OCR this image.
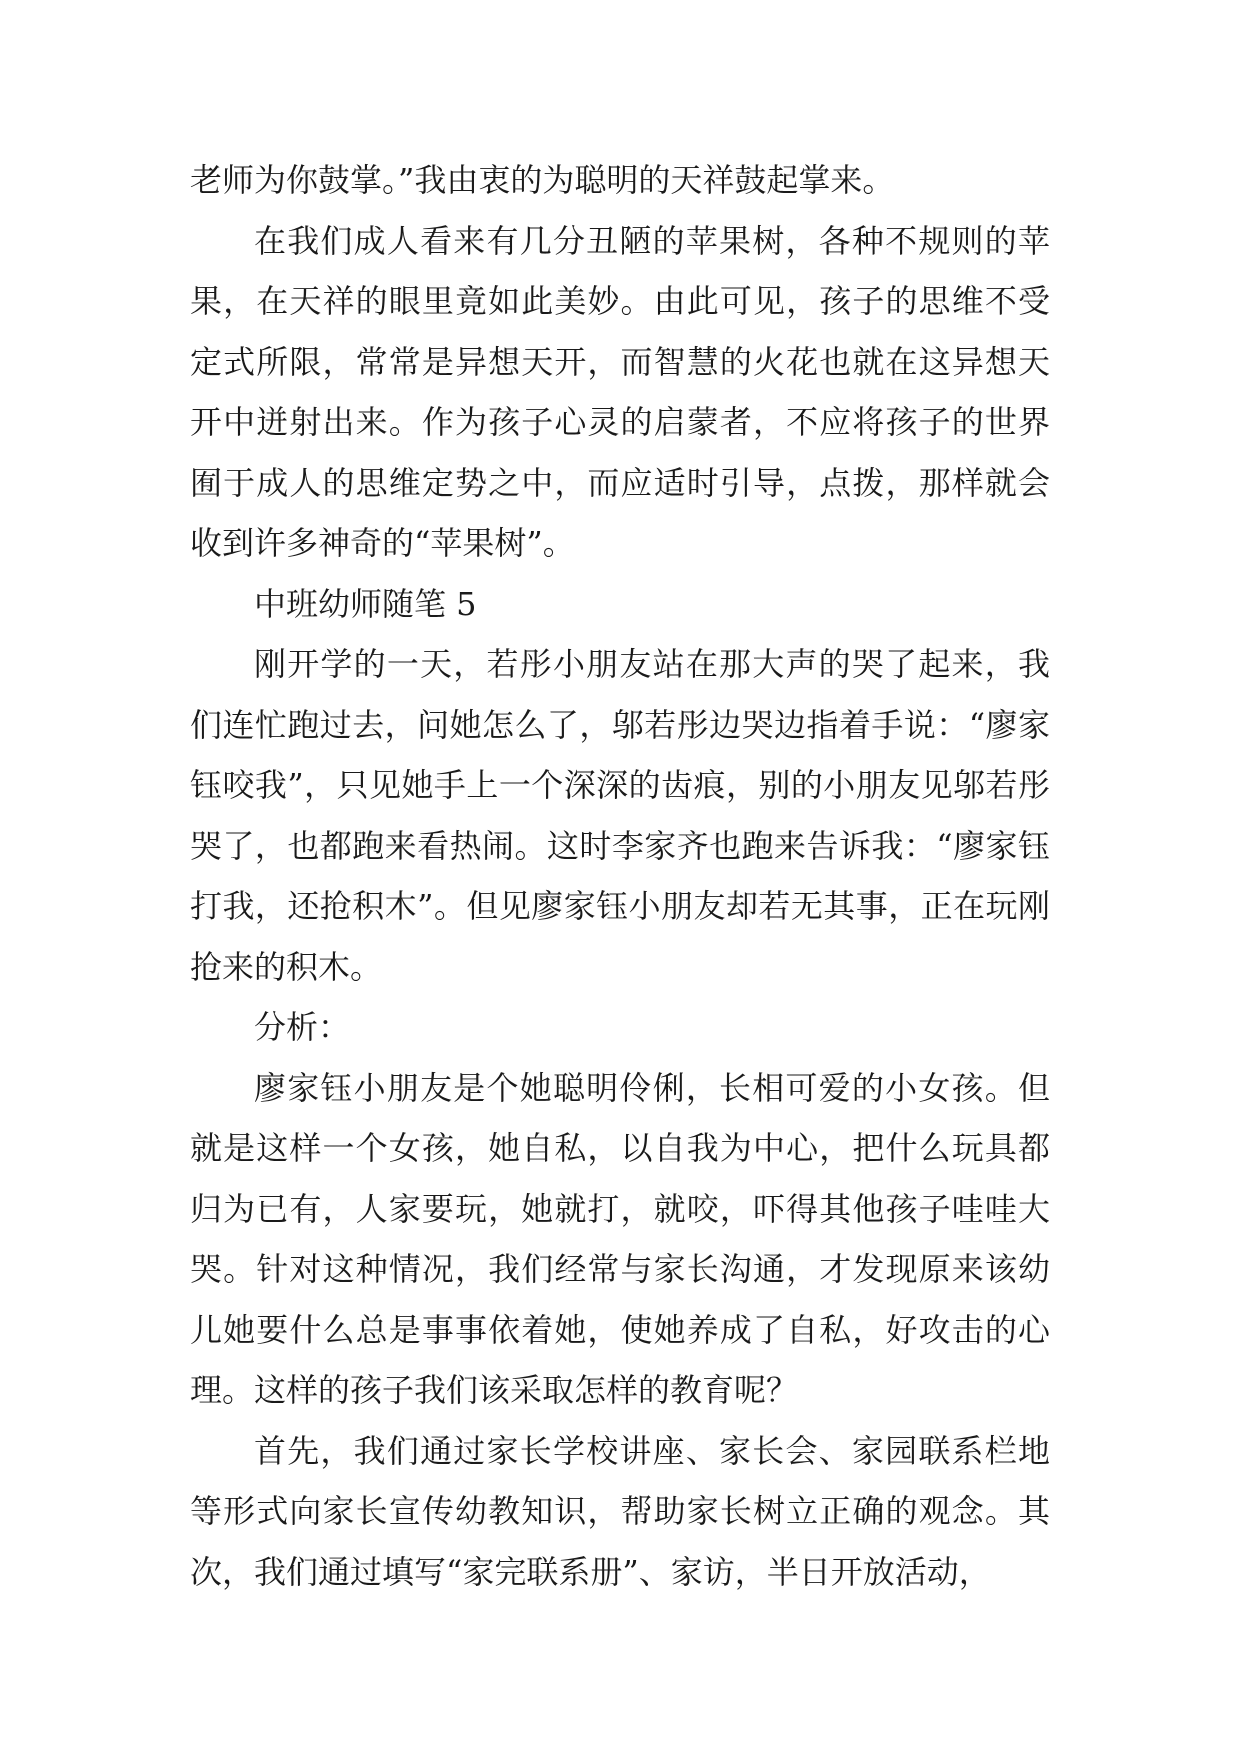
老师为你鼓掌。”我由衷的为聪明的天祥鼓起掌来。

在我们成人看来有几分丑陋的苹果树，各种不规则的苹果，在天祥的眼里竟如此美妙。由此可见，孩子的思维不受定式所限，常常是异想天开，而智慧的火花也就在这异想天开中迸射出来。作为孩子心灵的启蒙者，不应将孩子的世界囿于成人的思维定势之中，而应适时引导，点拨，那样就会收到许多神奇的“苹果树”。

中班幼师随笔 5

刚开学的一天，若彤小朋友站在那大声的哭了起来，我们连忙跑过去，问她怎么了，邬若彤边哭边指着手说：“廖家钰咬我”，只见她手上一个深深的齿痕，别的小朋友见邬若彤哭了，也都跑来看热闹。这时李家齐也跑来告诉我：“廖家钰打我，还抢积木”。但见廖家钰小朋友却若无其事，正在玩刚抢来的积木。

分析：

廖家钰小朋友是个她聪明伶俐，长相可爱的小女孩。但就是这样一个女孩，她自私，以自我为中心，把什么玩具都归为已有，人家要玩，她就打，就咬，吓得其他孩子哇哇大哭。针对这种情况，我们经常与家长沟通，才发现原来该幼儿她要什么总是事事依着她，使她养成了自私，好攻击的心理。这样的孩子我们该采取怎样的教育呢？

首先，我们通过家长学校讲座、家长会、家园联系栏地等形式向家长宣传幼教知识，帮助家长树立正确的观念。其次，我们通过填写“家完联系册”、家访，半日开放活动，
